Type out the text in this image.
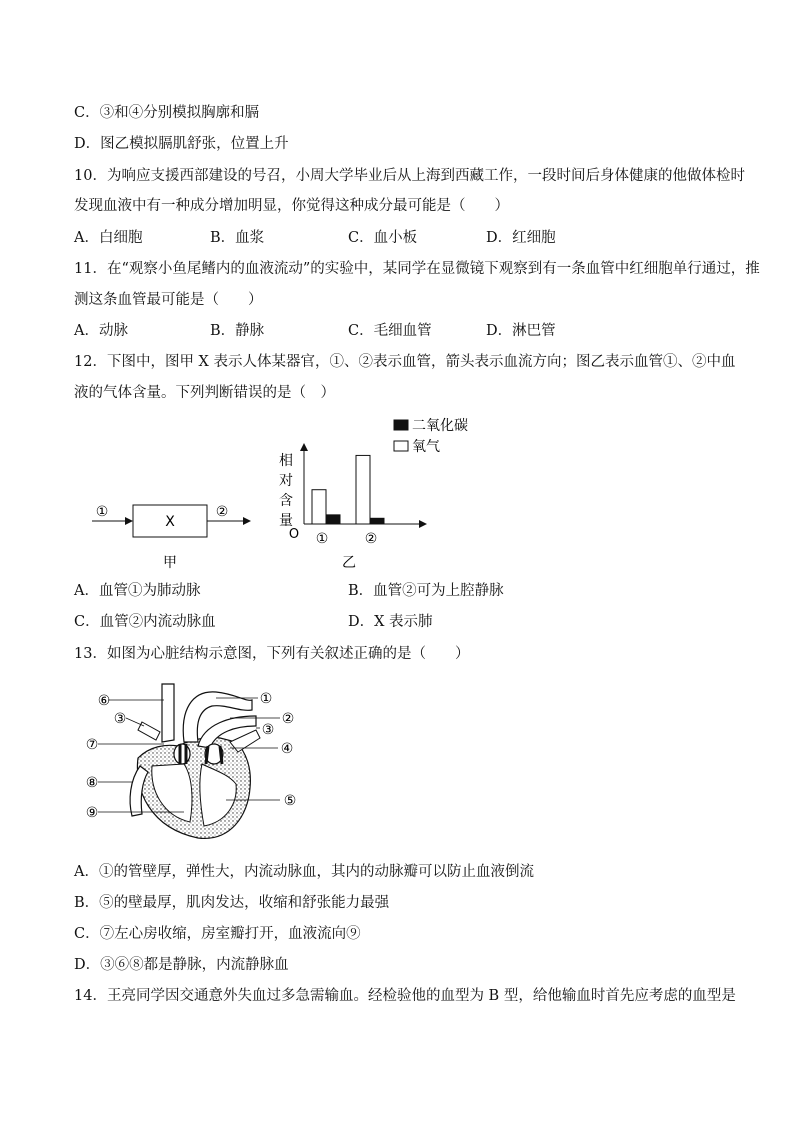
C．③和④分别模拟胸廓和膈
D．图乙模拟膈肌舒张，位置上升
10．为响应支援西部建设的号召，小周大学毕业后从上海到西藏工作，一段时间后身体健康的他做体检时
发现血液中有一种成分增加明显，你觉得这种成分最可能是（　　）
A．白细胞	B．血浆	C．血小板	D．红细胞
11．在“观察小鱼尾鳍内的血液流动”的实验中，某同学在显微镜下观察到有一条血管中红细胞单行通过，推
测这条血管最可能是（　　）
A．动脉	B．静脉	C．毛细血管	D．淋巴管
12．下图中，图甲 X 表示人体某器官，①、②表示血管，箭头表示血流方向；图乙表示血管①、②中血
液的气体含量。下列判断错误的是（　）
X
①	②
甲
二氧化碳
氧气
相
对
含
量
O ①	②
乙
A．血管①为肺动脉	B．血管②可为上腔静脉
C．血管②内流动脉血	D．X 表示肺
13．如图为心脏结构示意图，下列有关叙述正确的是（　　）
①
②
③
④
⑤
⑥
③
⑦
⑧
⑨
A．①的管壁厚，弹性大，内流动脉血，其内的动脉瓣可以防止血液倒流
B．⑤的壁最厚，肌肉发达，收缩和舒张能力最强
C．⑦左心房收缩，房室瓣打开，血液流向⑨
D．③⑥⑧都是静脉，内流静脉血
14．王亮同学因交通意外失血过多急需输血。经检验他的血型为 B 型，给他输血时首先应考虑的血型是
